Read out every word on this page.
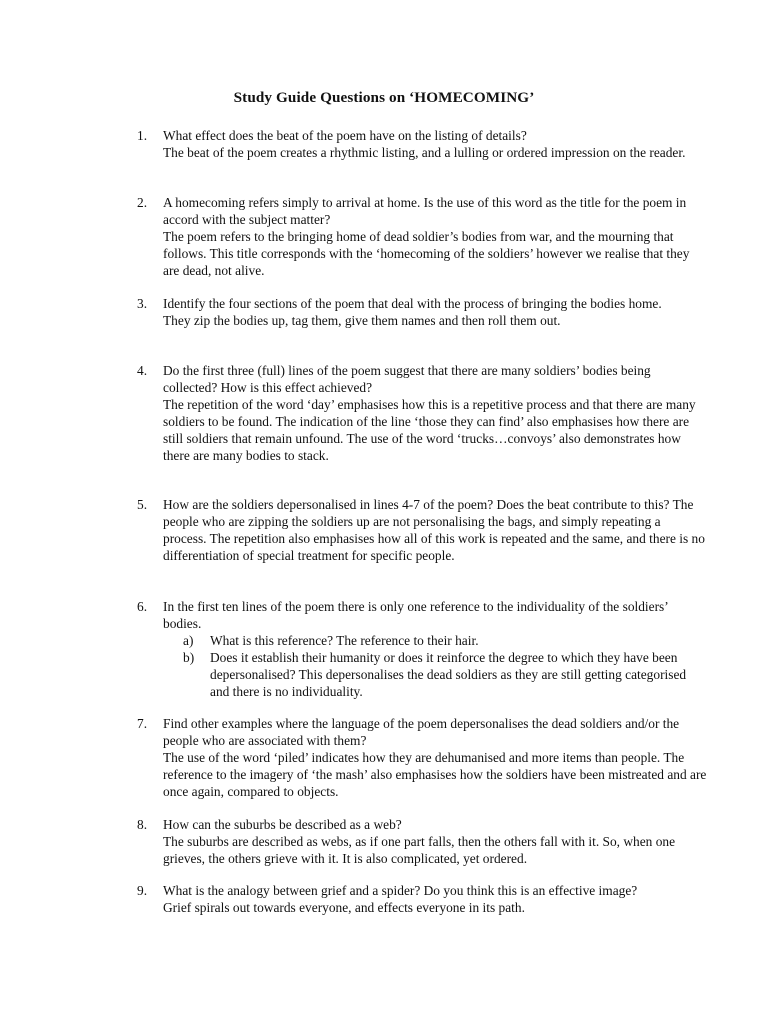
Study Guide Questions on ‘HOMECOMING’
1.	What effect does the beat of the poem have on the listing of details?

The beat of the poem creates a rhythmic listing, and a lulling or ordered impression on the reader.

2.	A homecoming refers simply to arrival at home. Is the use of this word as the title for the poem in accord with the subject matter?

The poem refers to the bringing home of dead soldier’s bodies from war, and the mourning that follows. This title corresponds with the ‘homecoming of the soldiers’ however we realise that they are dead, not alive.

3.	Identify the four sections of the poem that deal with the process of bringing the bodies home.

They zip the bodies up, tag them, give them names and then roll them out.

4.	Do the first three (full) lines of the poem suggest that there are many soldiers’ bodies being collected? How is this effect achieved?

The repetition of the word ‘day’ emphasises how this is a repetitive process and that there are many soldiers to be found. The indication of the line ‘those they can find’ also emphasises how there are still soldiers that remain unfound. The use of the word ‘trucks…convoys’ also demonstrates how there are many bodies to stack.

5.	How are the soldiers depersonalised in lines 4-7 of the poem? Does the beat contribute to this? The people who are zipping the soldiers up are not personalising the bags, and simply repeating a process. The repetition also emphasises how all of this work is repeated and the same, and there is no differentiation of special treatment for specific people.

6.	In the first ten lines of the poem there is only one reference to the individuality of the soldiers’ bodies.

a) What is this reference? The reference to their hair.
b) Does it establish their humanity or does it reinforce the degree to which they have been depersonalised? This depersonalises the dead soldiers as they are still getting categorised and there is no individuality.
7.	Find other examples where the language of the poem depersonalises the dead soldiers and/or the people who are associated with them?

The use of the word ‘piled’ indicates how they are dehumanised and more items than people. The reference to the imagery of ‘the mash’ also emphasises how the soldiers have been mistreated and are once again, compared to objects.

8.	How can the suburbs be described as a web?

The suburbs are described as webs, as if one part falls, then the others fall with it. So, when one grieves, the others grieve with it. It is also complicated, yet ordered.

9.	What is the analogy between grief and a spider? Do you think this is an effective image?

Grief spirals out towards everyone, and effects everyone in its path.
